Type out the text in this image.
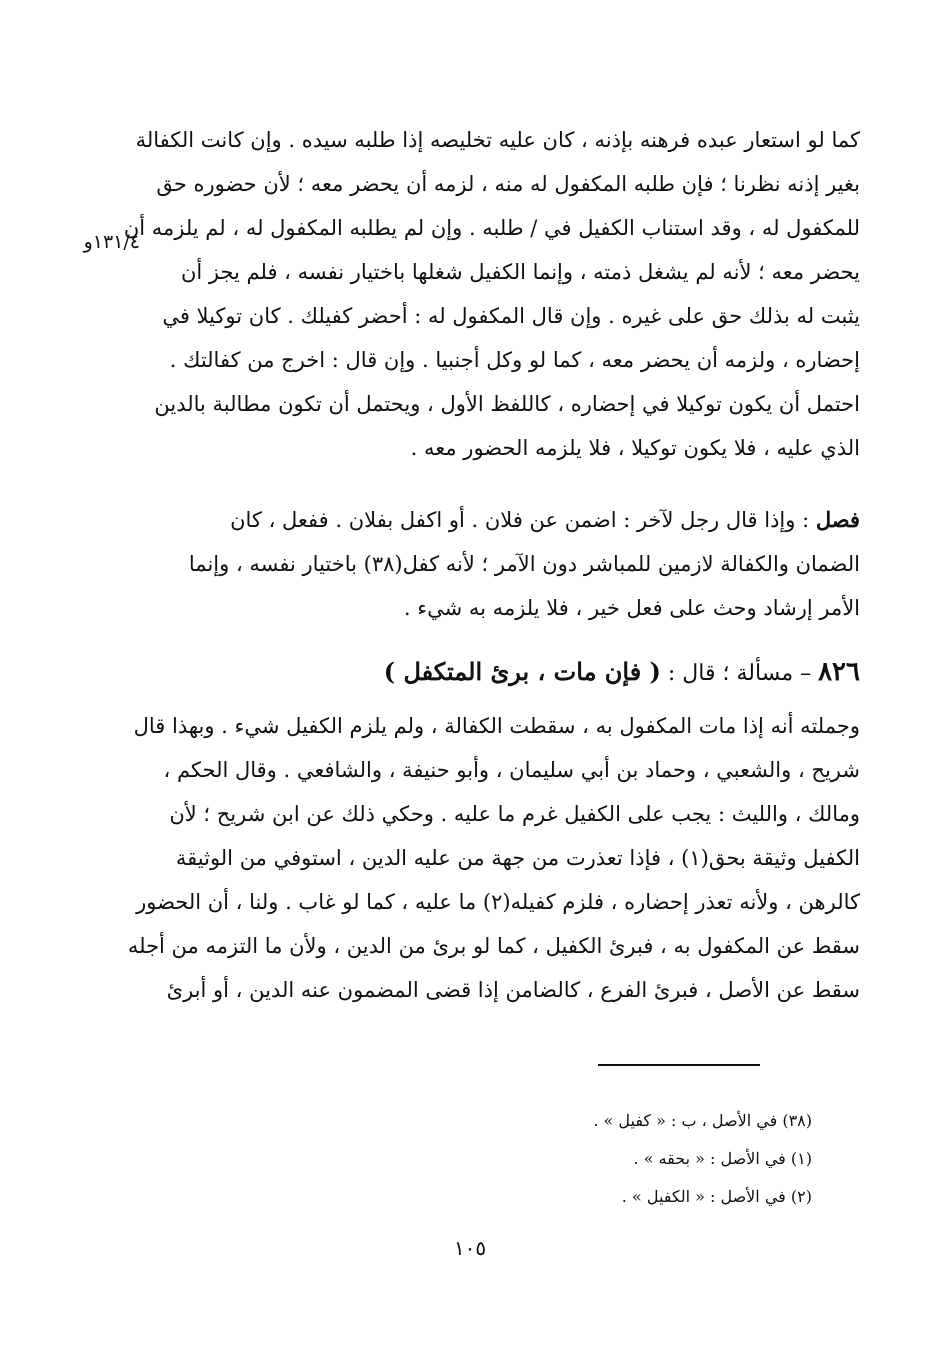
١٣١/٤و
كما لو استعار عبده فرهنه بإذنه ، كان عليه تخليصه إذا طلبه سيده . وإن كانت الكفالة
بغير إذنه نظرنا ؛ فإن طلبه المكفول له منه ، لزمه أن يحضر معه ؛ لأن حضوره حق
للمكفول له ، وقد استناب الكفيل في / طلبه . وإن لم يطلبه المكفول له ، لم يلزمه أن
يحضر معه ؛ لأنه لم يشغل ذمته ، وإنما الكفيل شغلها باختيار نفسه ، فلم يجز أن
يثبت له بذلك حق على غيره . وإن قال المكفول له : أحضر كفيلك . كان توكيلا في
إحضاره ، ولزمه أن يحضر معه ، كما لو وكل أجنبيا . وإن قال : اخرج من كفالتك .
احتمل أن يكون توكيلا في إحضاره ، كاللفظ الأول ، ويحتمل أن تكون مطالبة بالدين
الذي عليه ، فلا يكون توكيلا ، فلا يلزمه الحضور معه .
فصل : وإذا قال رجل لآخر : اضمن عن فلان . أو اكفل بفلان . ففعل ، كان
الضمان والكفالة لازمين للمباشر دون الآمر ؛ لأنه كفل(٣٨) باختيار نفسه ، وإنما
الأمر إرشاد وحث على فعل خير ، فلا يلزمه به شيء .
٨٢٦ – مسألة ؛ قال : ( فإن مات ، برئ المتكفل )
وجملته أنه إذا مات المكفول به ، سقطت الكفالة ، ولم يلزم الكفيل شيء . وبهذا قال
شريح ، والشعبي ، وحماد بن أبي سليمان ، وأبو حنيفة ، والشافعي . وقال الحكم ،
ومالك ، والليث : يجب على الكفيل غرم ما عليه . وحكي ذلك عن ابن شريح ؛ لأن
الكفيل وثيقة بحق(١) ، فإذا تعذرت من جهة من عليه الدين ، استوفي من الوثيقة
كالرهن ، ولأنه تعذر إحضاره ، فلزم كفيله(٢) ما عليه ، كما لو غاب . ولنا ، أن الحضور
سقط عن المكفول به ، فبرئ الكفيل ، كما لو برئ من الدين ، ولأن ما التزمه من أجله
سقط عن الأصل ، فبرئ الفرع ، كالضامن إذا قضى المضمون عنه الدين ، أو أبرئ
(٣٨) في الأصل ، ب : « كفيل » .
(١) في الأصل : « بحقه » .
(٢) في الأصل : « الكفيل » .
١٠٥
